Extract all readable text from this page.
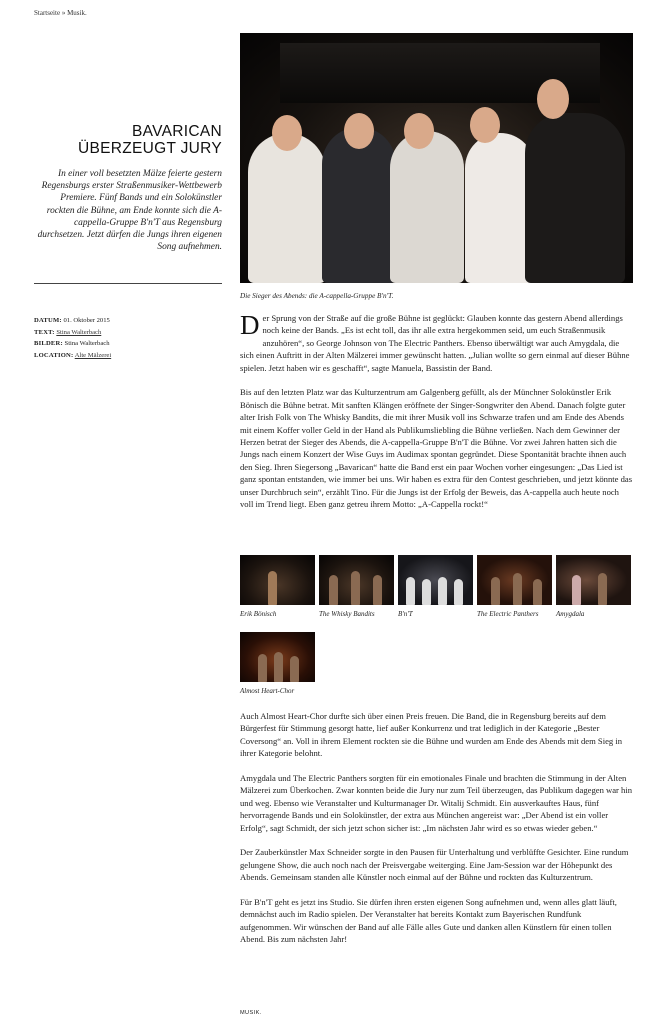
Startseite » Musik.
BAVARICAN
ÜBERZEUGT JURY

In einer voll besetzten Mälze feierte gestern Regensburgs erster Straßenmusiker-Wettbewerb Premiere. Fünf Bands und ein Solokünstler rockten die Bühne, am Ende konnte sich die A-cappella-Gruppe B'n'T aus Regensburg durchsetzen. Jetzt dürfen die Jungs ihren eigenen Song aufnehmen.

DATUM: 01. Oktober 2015
TEXT: Stina Walterbach
BILDER: Stina Walterbach
LOCATION: Alte Mälzerei

Die Sieger des Abends: die A-cappella-Gruppe B'n'T.

Der Sprung von der Straße auf die große Bühne ist geglückt: Glauben konnte das gestern Abend allerdings noch keine der Bands. „Es ist echt toll, das ihr alle extra hergekommen seid, um euch Straßenmusik anzuhören“, so George Johnson von The Electric Panthers. Ebenso überwältigt war auch Amygdala, die sich einen Auftritt in der Alten Mälzerei immer gewünscht hatten. „Julian wollte so gern einmal auf dieser Bühne spielen. Jetzt haben wir es geschafft“, sagte Manuela, Bassistin der Band.

Bis auf den letzten Platz war das Kulturzentrum am Galgenberg gefüllt, als der Münchner Solokünstler Erik Bönisch die Bühne betrat. Mit sanften Klängen eröffnete der Singer-Songwriter den Abend. Danach folgte guter alter Irish Folk von The Whisky Bandits, die mit ihrer Musik voll ins Schwarze trafen und am Ende des Abends mit einem Koffer voller Geld in der Hand als Publikumsliebling die Bühne verließen. Nach dem Gewinner der Herzen betrat der Sieger des Abends, die A-cappella-Gruppe B'n'T die Bühne. Vor zwei Jahren hatten sich die Jungs nach einem Konzert der Wise Guys im Audimax spontan gegründet. Diese Spontanität brachte ihnen auch den Sieg. Ihren Siegersong „Bavarican“ hatte die Band erst ein paar Wochen vorher eingesungen: „Das Lied ist ganz spontan entstanden, wie immer bei uns. Wir haben es extra für den Contest geschrieben, und jetzt könnte das unser Durchbruch sein“, erzählt Tino. Für die Jungs ist der Erfolg der Beweis, das A-cappella auch heute noch voll im Trend liegt. Eben ganz getreu ihrem Motto: „A-Cappella rockt!“

Erik Bönisch	The Whisky Bandits	B'n'T	The Electric Panthers	Amygdala
Almost Heart-Chor

Auch Almost Heart-Chor durfte sich über einen Preis freuen. Die Band, die in Regensburg bereits auf dem Bürgerfest für Stimmung gesorgt hatte, lief außer Konkurrenz und trat lediglich in der Kategorie „Bester Coversong“ an. Voll in ihrem Element rockten sie die Bühne und wurden am Ende des Abends mit dem Sieg in ihrer Kategorie belohnt.

Amygdala und The Electric Panthers sorgten für ein emotionales Finale und brachten die Stimmung in der Alten Mälzerei zum Überkochen. Zwar konnten beide die Jury nur zum Teil überzeugen, das Publikum dagegen war hin und weg. Ebenso wie Veranstalter und Kulturmanager Dr. Witalij Schmidt. Ein ausverkauftes Haus, fünf hervorragende Bands und ein Solokünstler, der extra aus München angereist war: „Der Abend ist ein voller Erfolg“, sagt Schmidt, der sich jetzt schon sicher ist: „Im nächsten Jahr wird es so etwas wieder geben.“

Der Zauberkünstler Max Schneider sorgte in den Pausen für Unterhaltung und verblüffte Gesichter. Eine rundum gelungene Show, die auch noch nach der Preisvergabe weiterging. Eine Jam-Session war der Höhepunkt des Abends. Gemeinsam standen alle Künstler noch einmal auf der Bühne und rockten das Kulturzentrum.

Für B'n'T geht es jetzt ins Studio. Sie dürfen ihren ersten eigenen Song aufnehmen und, wenn alles glatt läuft, demnächst auch im Radio spielen. Der Veranstalter hat bereits Kontakt zum Bayerischen Rundfunk aufgenommen. Wir wünschen der Band auf alle Fälle alles Gute und danken allen Künstlern für einen tollen Abend. Bis zum nächsten Jahr!

MUSIK.
